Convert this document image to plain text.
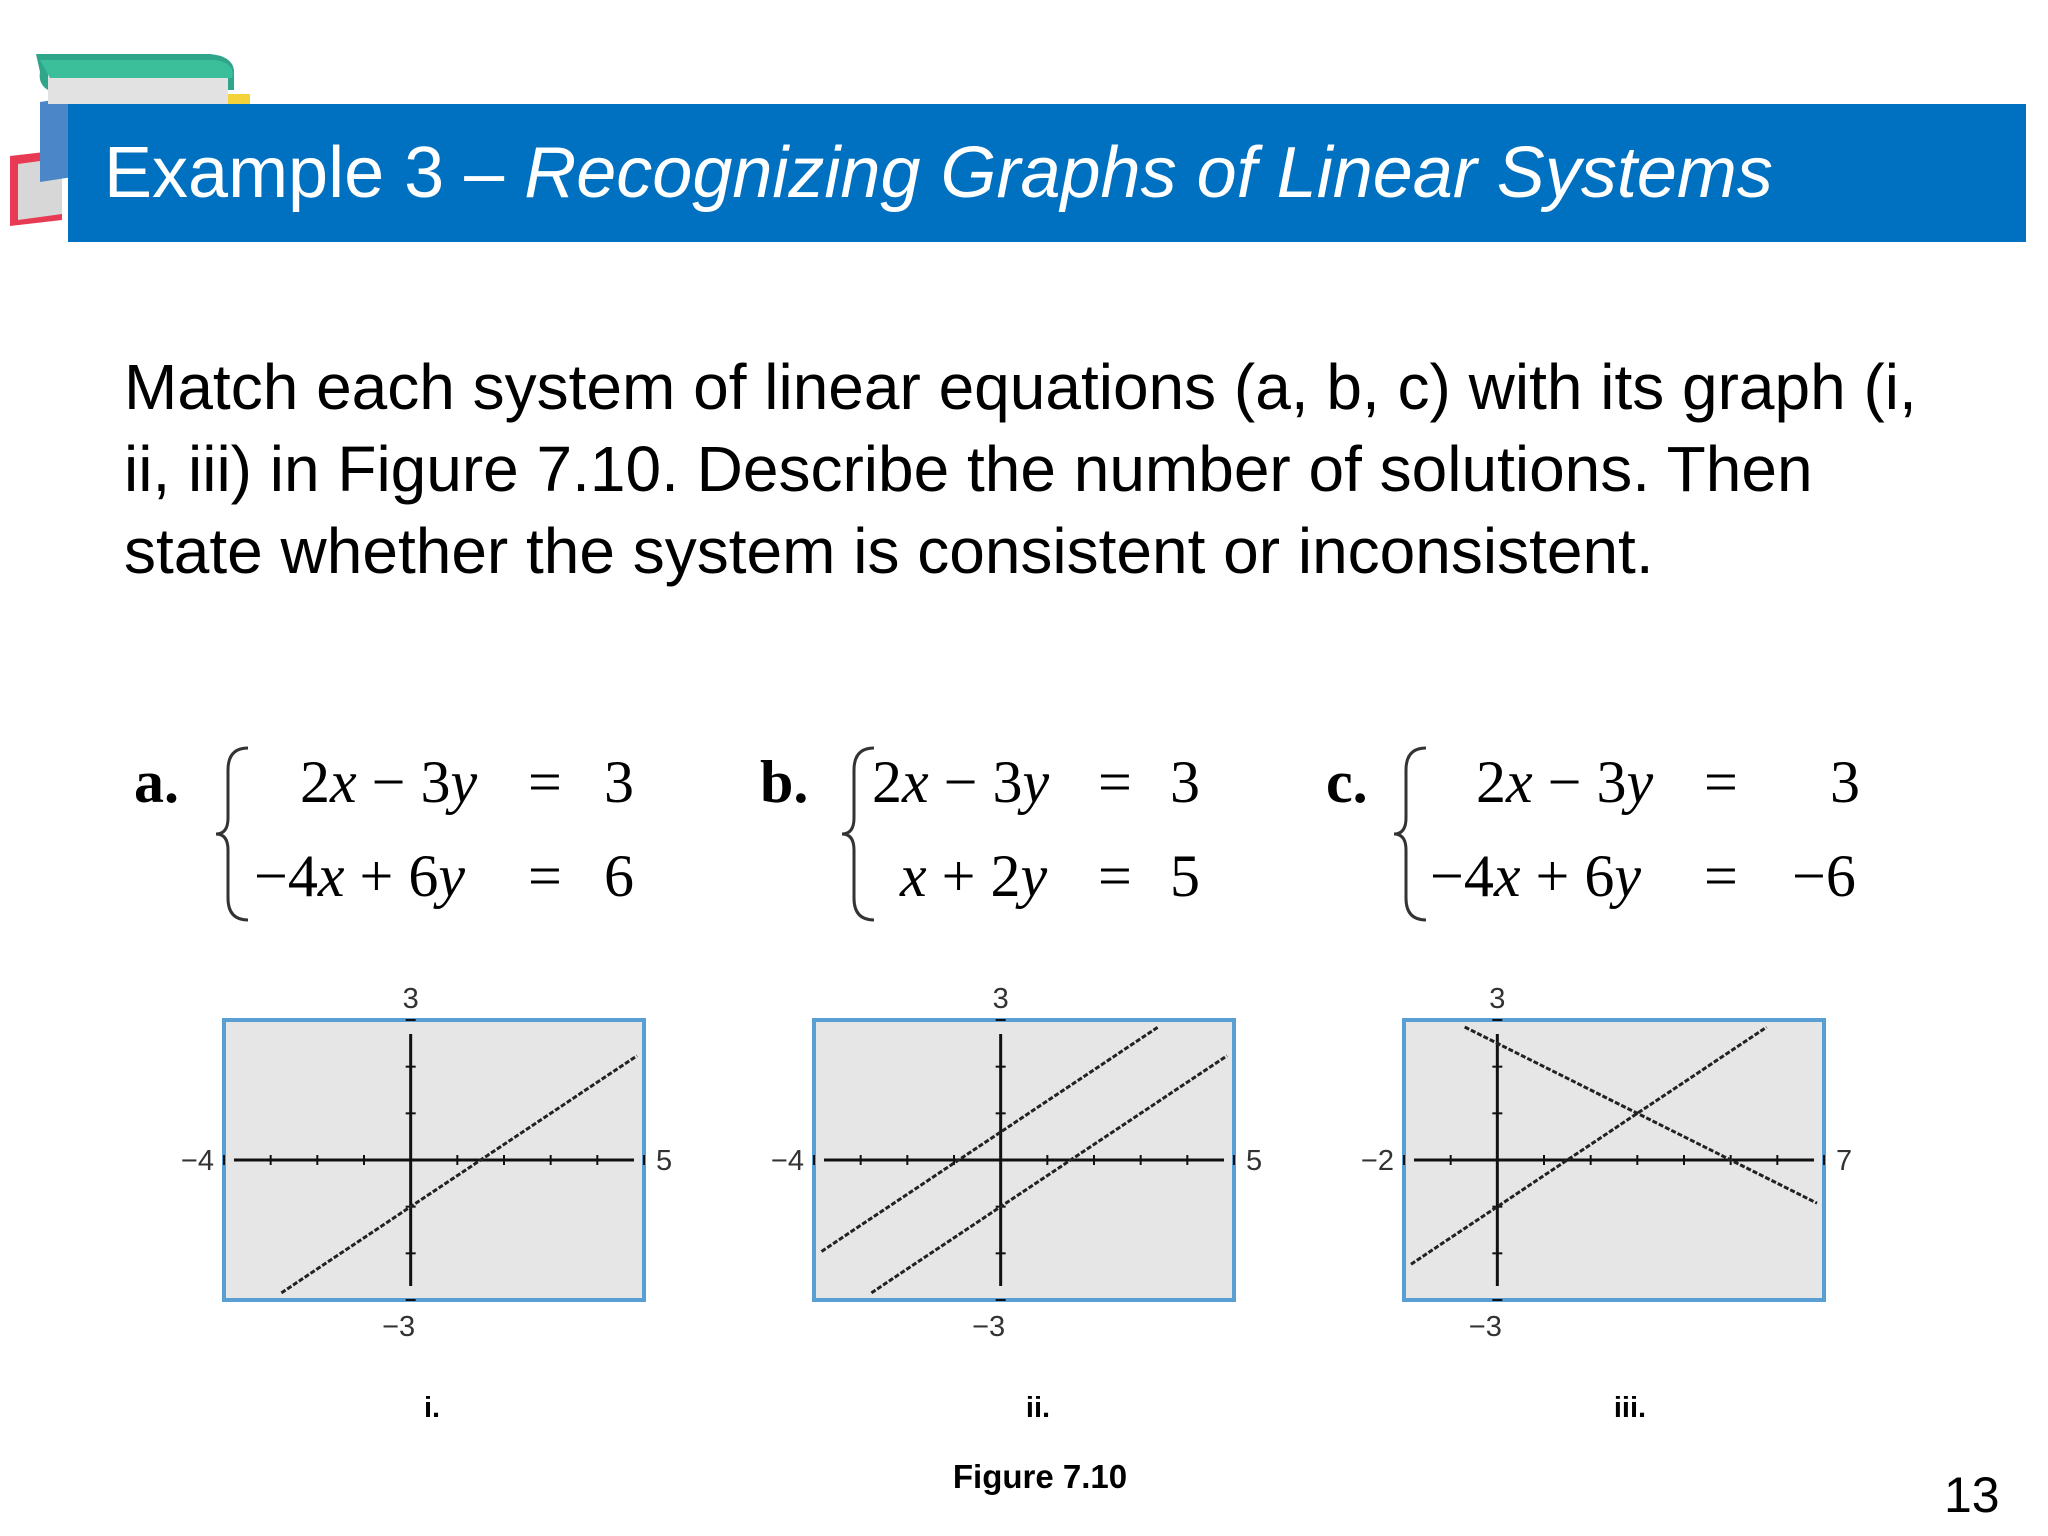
Example 3 – Recognizing Graphs of Linear Systems

Match each system of linear equations (a, b, c) with its graph (i, ii, iii) in Figure 7.10. Describe the number of solutions. Then state whether the system is consistent or inconsistent.

a. 2x − 3y = 3
−4x + 6y = 6
b. 2x − 3y = 3
x + 2y = 5
c. 2x − 3y = 3
−4x + 6y = −6
3
−3
−4	5
3
−3
−4	5
3
−3
−2	7
i.	ii.	iii.
Figure 7.10	13
